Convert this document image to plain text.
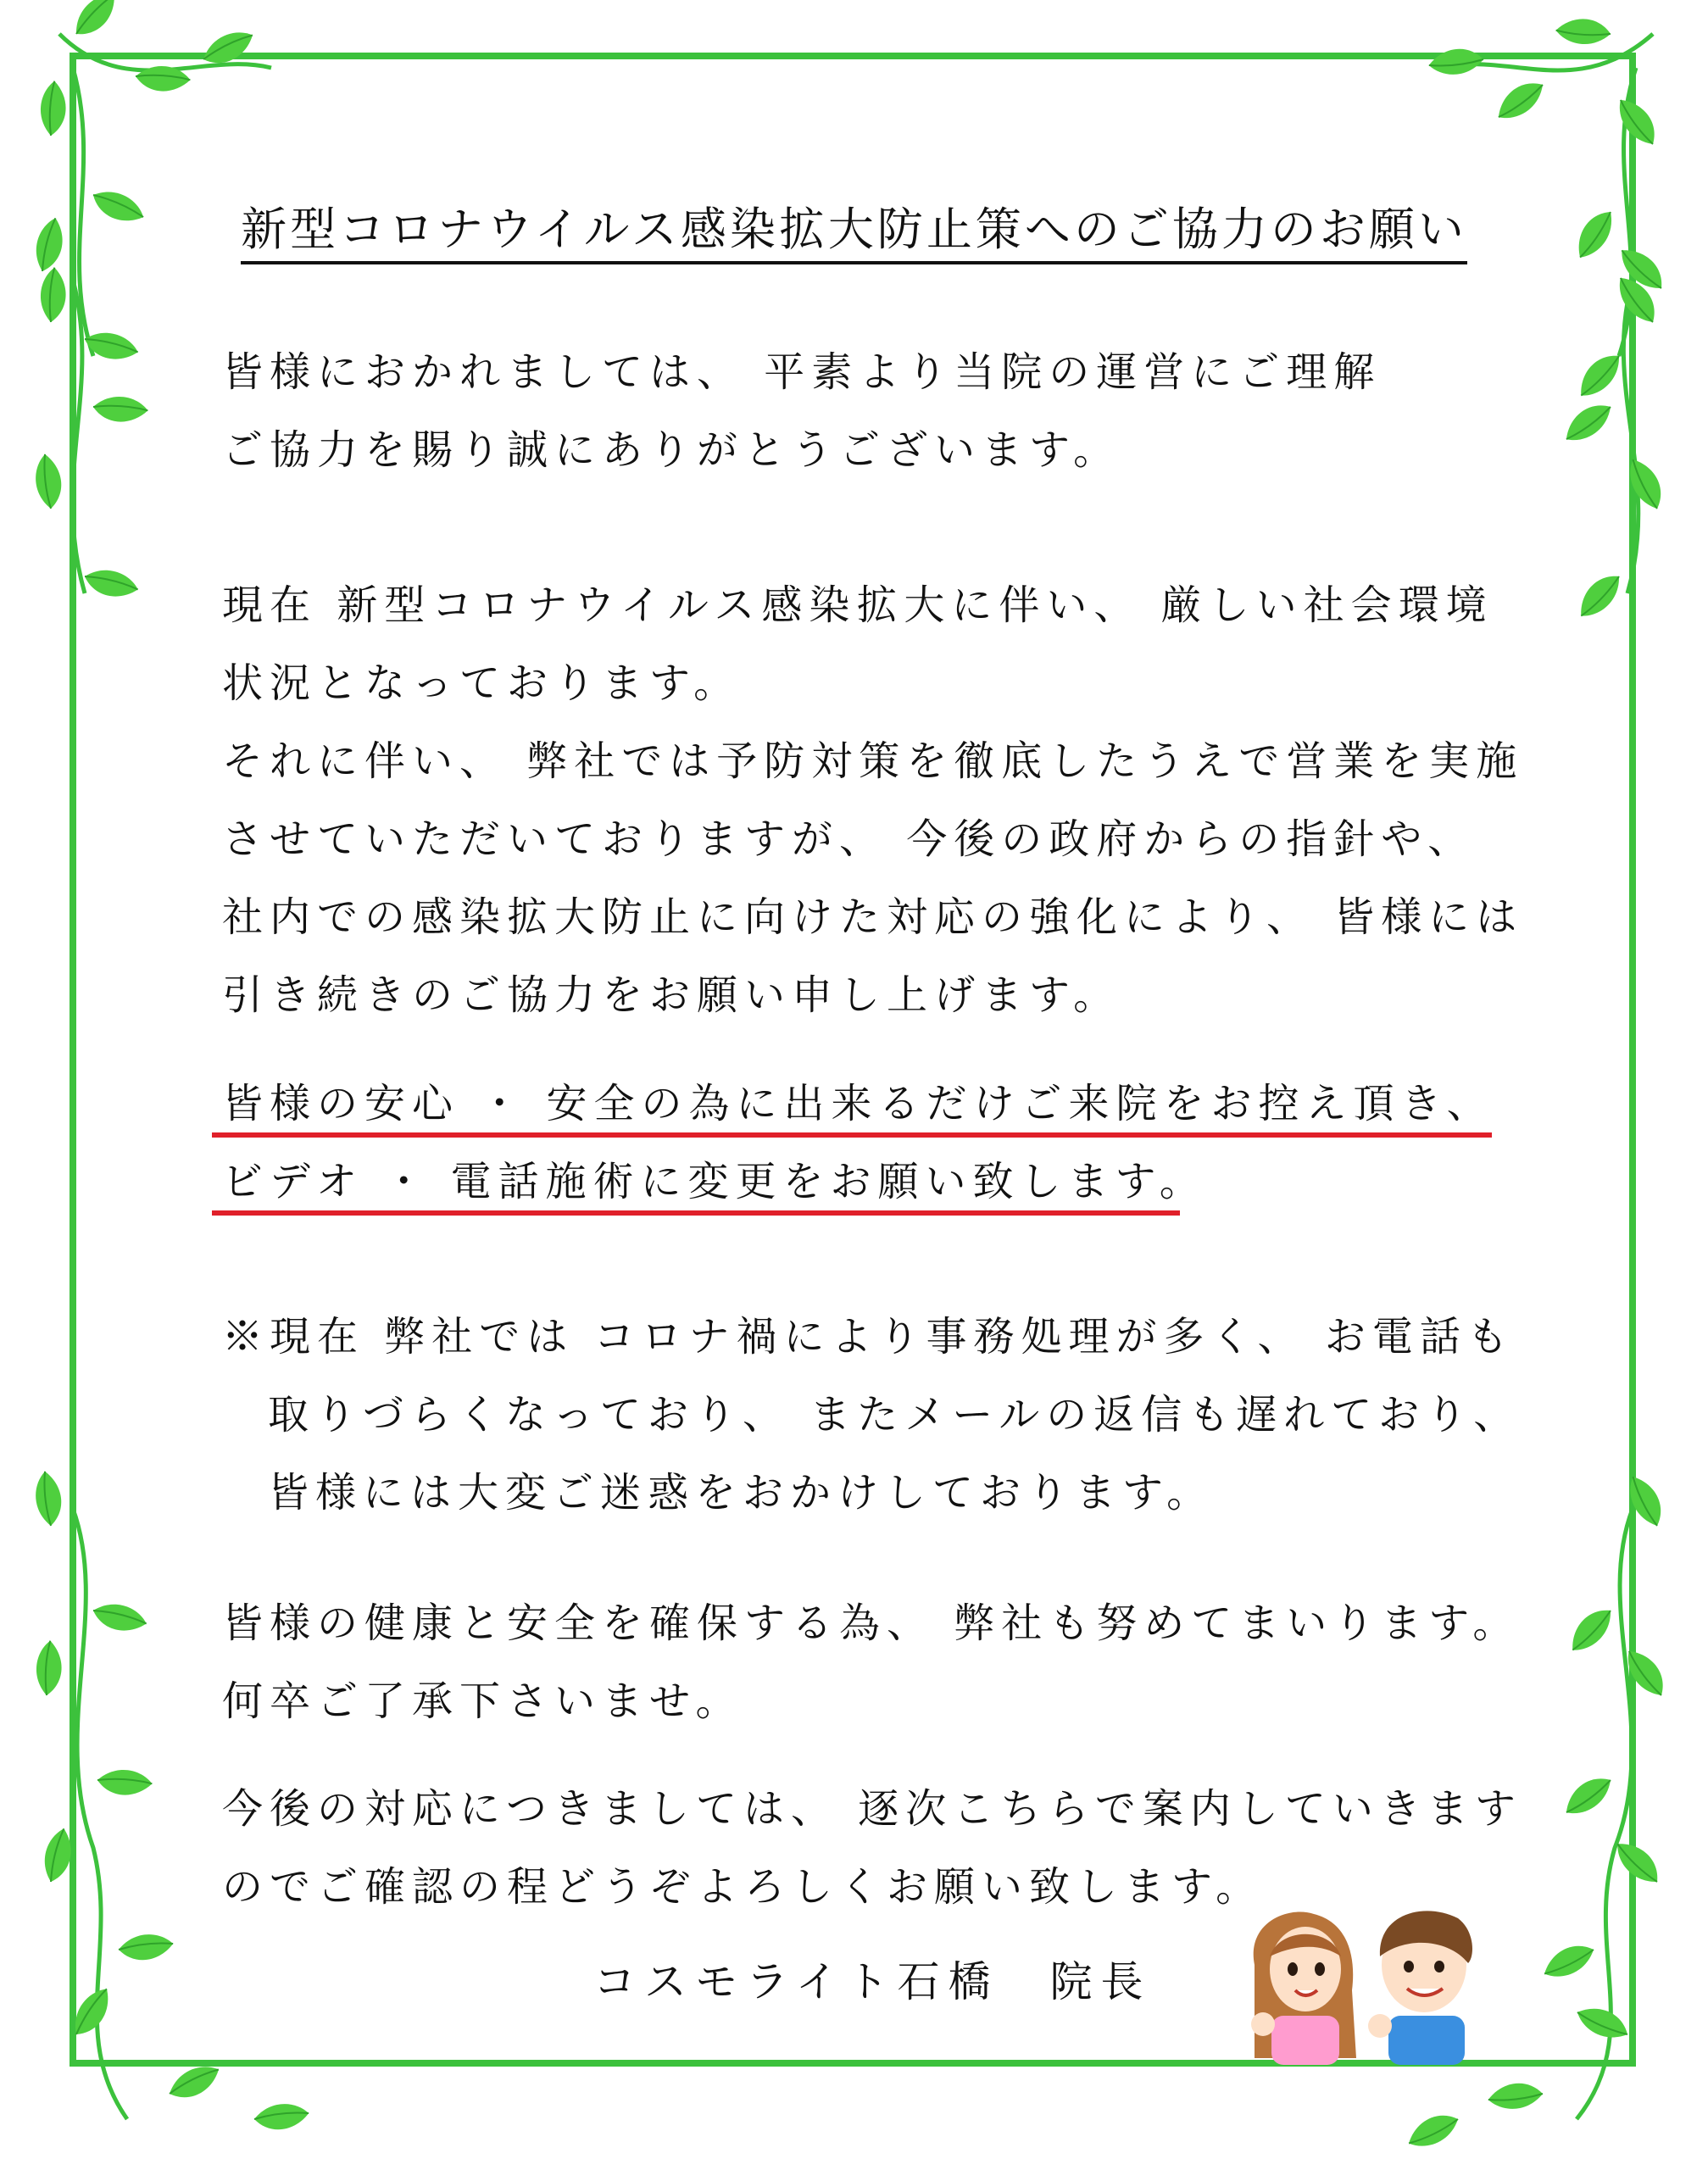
新型コロナウイルス感染拡大防止策へのご協力のお願い
皆様におかれましては、 平素より当院の運営にご理解
ご協力を賜り誠にありがとうございます。
現在 新型コロナウイルス感染拡大に伴い、 厳しい社会環境
状況となっております。
それに伴い、 弊社では予防対策を徹底したうえで営業を実施
させていただいておりますが、 今後の政府からの指針や、
社内での感染拡大防止に向けた対応の強化により、 皆様には
引き続きのご協力をお願い申し上げます。
皆様の安心 ・ 安全の為に出来るだけご来院をお控え頂き、
ビデオ ・ 電話施術に変更をお願い致します。
※現在 弊社では コロナ禍により事務処理が多く、 お電話も
取りづらくなっており、 またメールの返信も遅れており、
皆様には大変ご迷惑をおかけしております。
皆様の健康と安全を確保する為、 弊社も努めてまいります。
何卒ご了承下さいませ。
今後の対応につきましては、 逐次こちらで案内していきます
のでご確認の程どうぞよろしくお願い致します。
コスモライト石橋　院長
